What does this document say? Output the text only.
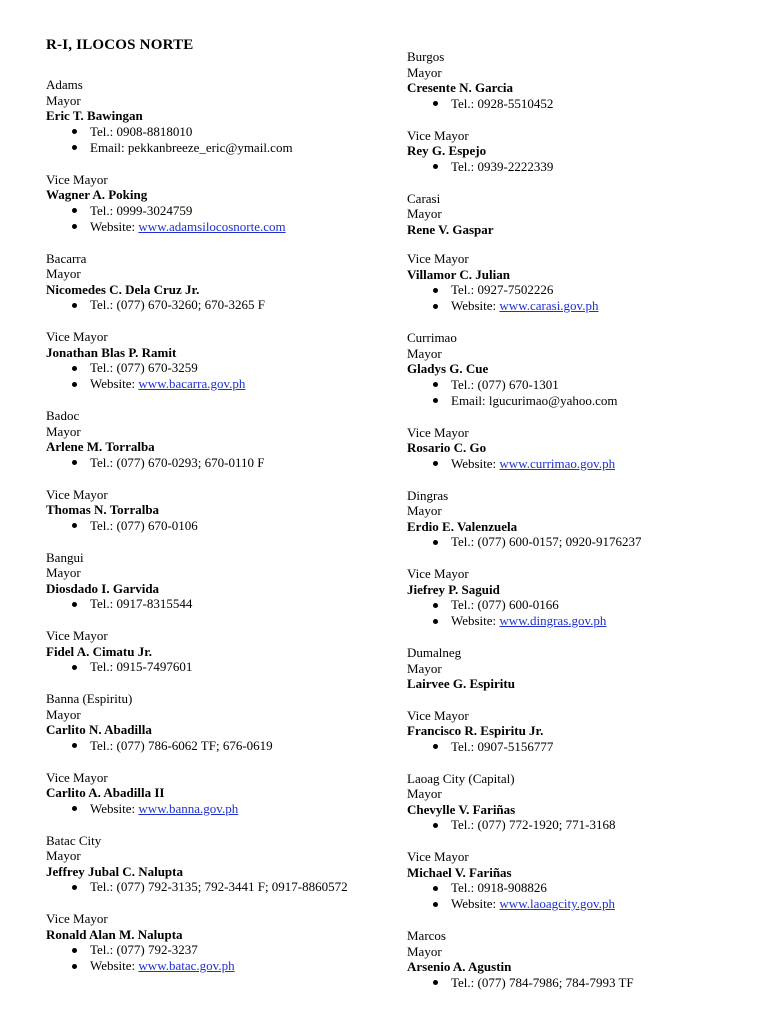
R-I, ILOCOS NORTE
Adams
Mayor
Eric T. Bawingan
Tel.: 0908-8818010
Email: pekkanbreeze_eric@ymail.com
Vice Mayor
Wagner A. Poking
Tel.: 0999-3024759
Website: www.adamsilocosnorte.com
Bacarra
Mayor
Nicomedes C. Dela Cruz Jr.
Tel.: (077) 670-3260; 670-3265 F
Vice Mayor
Jonathan Blas P. Ramit
Tel.: (077) 670-3259
Website: www.bacarra.gov.ph
Badoc
Mayor
Arlene M. Torralba
Tel.: (077) 670-0293; 670-0110 F
Vice Mayor
Thomas N. Torralba
Tel.: (077) 670-0106
Bangui
Mayor
Diosdado I. Garvida
Tel.: 0917-8315544
Vice Mayor
Fidel A. Cimatu Jr.
Tel.: 0915-7497601
Banna (Espiritu)
Mayor
Carlito N. Abadilla
Tel.: (077) 786-6062 TF; 676-0619
Vice Mayor
Carlito A. Abadilla II
Website: www.banna.gov.ph
Batac City
Mayor
Jeffrey Jubal C. Nalupta
Tel.: (077) 792-3135; 792-3441 F; 0917-8860572
Vice Mayor
Ronald Alan M. Nalupta
Tel.: (077) 792-3237
Website: www.batac.gov.ph
Burgos
Mayor
Cresente N. Garcia
Tel.: 0928-5510452
Vice Mayor
Rey G. Espejo
Tel.: 0939-2222339
Carasi
Mayor
Rene V. Gaspar
Vice Mayor
Villamor C. Julian
Tel.: 0927-7502226
Website: www.carasi.gov.ph
Currimao
Mayor
Gladys G. Cue
Tel.: (077) 670-1301
Email: lgucurimao@yahoo.com
Vice Mayor
Rosario C. Go
Website: www.currimao.gov.ph
Dingras
Mayor
Erdio E. Valenzuela
Tel.: (077) 600-0157; 0920-9176237
Vice Mayor
Jiefrey P. Saguid
Tel.: (077) 600-0166
Website: www.dingras.gov.ph
Dumalneg
Mayor
Lairvee G. Espiritu
Vice Mayor
Francisco R. Espiritu Jr.
Tel.: 0907-5156777
Laoag City (Capital)
Mayor
Chevylle V. Fariñas
Tel.: (077) 772-1920; 771-3168
Vice Mayor
Michael V. Fariñas
Tel.: 0918-908826
Website: www.laoagcity.gov.ph
Marcos
Mayor
Arsenio A. Agustin
Tel.: (077) 784-7986; 784-7993 TF
